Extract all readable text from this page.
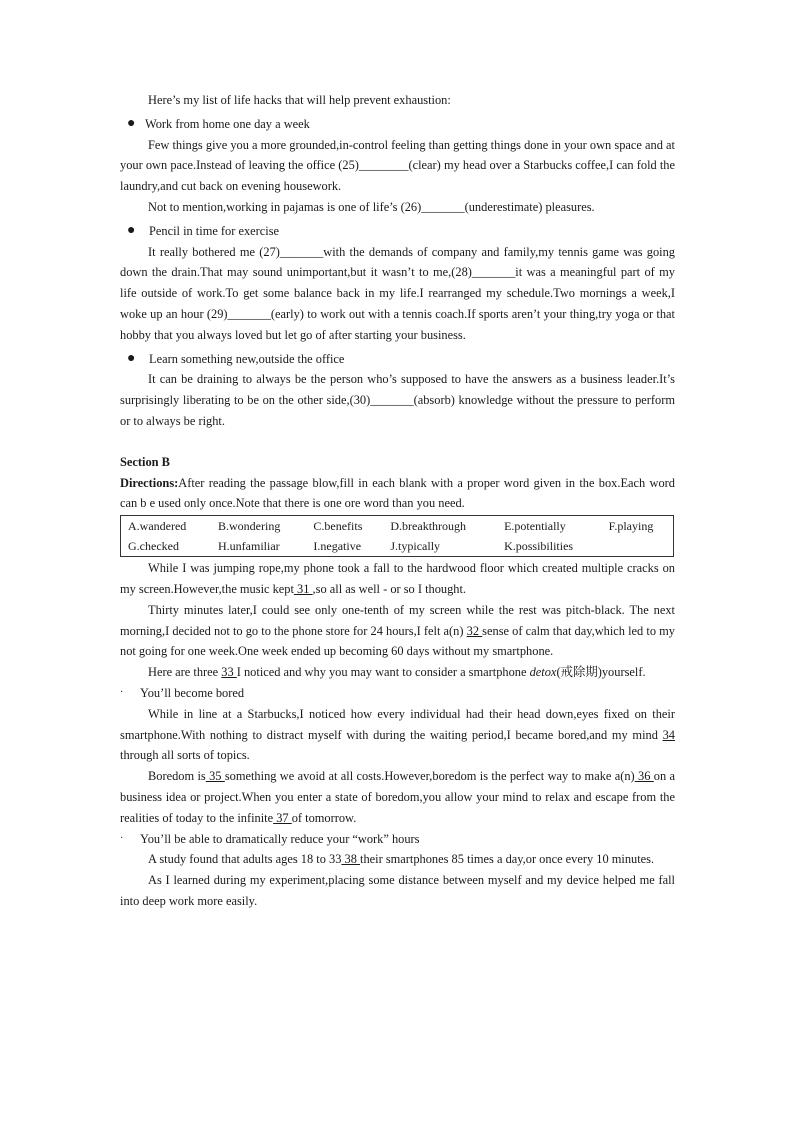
Here’s my list of life hacks that will help prevent exhaustion:

● Work from home one day a week

Few things give you a more grounded,in-control feeling than getting things done in your own space and at your own pace.Instead of leaving the office (25)________(clear) my head over a Starbucks coffee,I can fold the laundry,and cut back on evening housework.

Not to mention,working in pajamas is one of life’s (26)_______(underestimate) pleasures.

● Pencil in time for exercise

It really bothered me (27)_______with the demands of company and family,my tennis game was going down the drain.That may sound unimportant,but it wasn’t to me,(28)_______it was a meaningful part of my life outside of work.To get some balance back in my life.I rearranged my schedule.Two mornings a week,I woke up an hour (29)_______(early) to work out with a tennis coach.If sports aren’t your thing,try yoga or that hobby that you always loved but let go of after starting your business.

● Learn something new,outside the office

It can be draining to always be the person who’s supposed to have the answers as a business leader.It’s surprisingly liberating to be on the other side,(30)_______(absorb) knowledge without the pressure to perform or to always be right.

Section B

Directions:After reading the passage blow,fill in each blank with a proper word given in the box.Each word can b e used only once.Note that there is one ore word than you need.

A.wandered	B.wondering	C.benefits	D.breakthrough	E.potentially	F.playing
G.checked	H.unfamiliar	I.negative	J.typically	K.possibilities	

While I was jumping rope,my phone took a fall to the hardwood floor which created multiple cracks on my screen.However,the music kept 31 ,so all as well - or so I thought.

Thirty minutes later,I could see only one-tenth of my screen while the rest was pitch-black. The next morning,I decided not to go to the phone store for 24 hours,I felt a(n) 32 sense of calm that day,which led to my not going for one week.One week ended up becoming 60 days without my smartphone.

Here are three 33 I noticed and why you may want to consider a smartphone detox(戒除期)yourself.

· You’ll become bored

While in line at a Starbucks,I noticed how every individual had their head down,eyes fixed on their smartphone.With nothing to distract myself with during the waiting period,I became bored,and my mind 34 through all sorts of topics.

Boredom is 35 something we avoid at all costs.However,boredom is the perfect way to make a(n) 36 on a business idea or project.When you enter a state of boredom,you allow your mind to relax and escape from the realities of today to the infinite 37 of tomorrow.

· You’ll be able to dramatically reduce your “work” hours

A study found that adults ages 18 to 33 38 their smartphones 85 times a day,or once every 10 minutes.

As I learned during my experiment,placing some distance between myself and my device helped me fall into deep work more easily.
